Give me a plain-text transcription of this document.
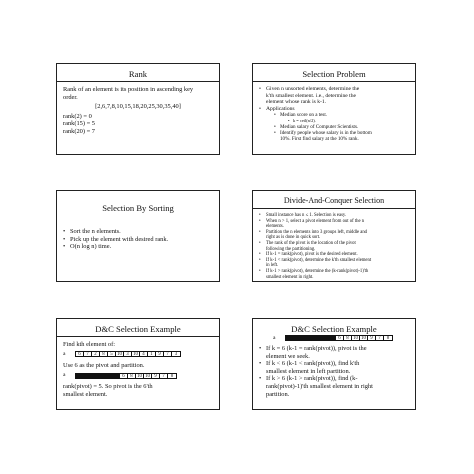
Rank
Rank of an element is its position in ascending key
order.
[2,6,7,8,10,15,18,20,25,30,35,40]
rank(2) = 0
rank(15) = 5
rank(20) = 7
Selection Problem
• Given n unsorted elements, determine the
k'th smallest element. i.e., determine the
element whose rank is k-1.
• Applications
• Median score on a test.
• k = ceil(n/2).
• Median salary of Computer Scientists.
• Identify people whose salary is in the bottom
10%. First find salary at the 10% rank.
Selection By Sorting
• Sort the n elements.
• Pick up the element with desired rank.
• O(n log n) time.
Divide-And-Conquer Selection
• Small instance has n ≤ 1. Selection is easy.
• When n > 1, select a pivot element from out of the n
elements.
• Partition the n elements into 3 groups left, middle and
right as is done in quick sort.
• The rank of the pivot is the location of the pivot
following the partitioning.
• If k-1 = rank(pivot), pivot is the desired element.
• If k-1 < rank(pivot), determine the k'th smallest element
in left.
• If k-1 > rank(pivot), determine the (k-rank(pivot)-1)'th
smallest element in right.
D&C Selection Example
Find kth element of:
a	6	7	2	8	5 10 3 10 4	1	9	7	3
Use 6 as the pivot and partition.
a	6	8 10 10 9	7	8
rank(pivot) = 5. So pivot is the 6'th
smallest element.
D&C Selection Example
a	6	8 10 10 9	7	8
• If k = 6 (k-1 = rank(pivot)), pivot is the
element we seek.
• If k < 6 (k-1 < rank(pivot)), find k'th
smallest element in left partition.
• If k > 6 (k-1 > rank(pivot)), find (k-
rank(pivot)-1)'th smallest element in right
partition.
